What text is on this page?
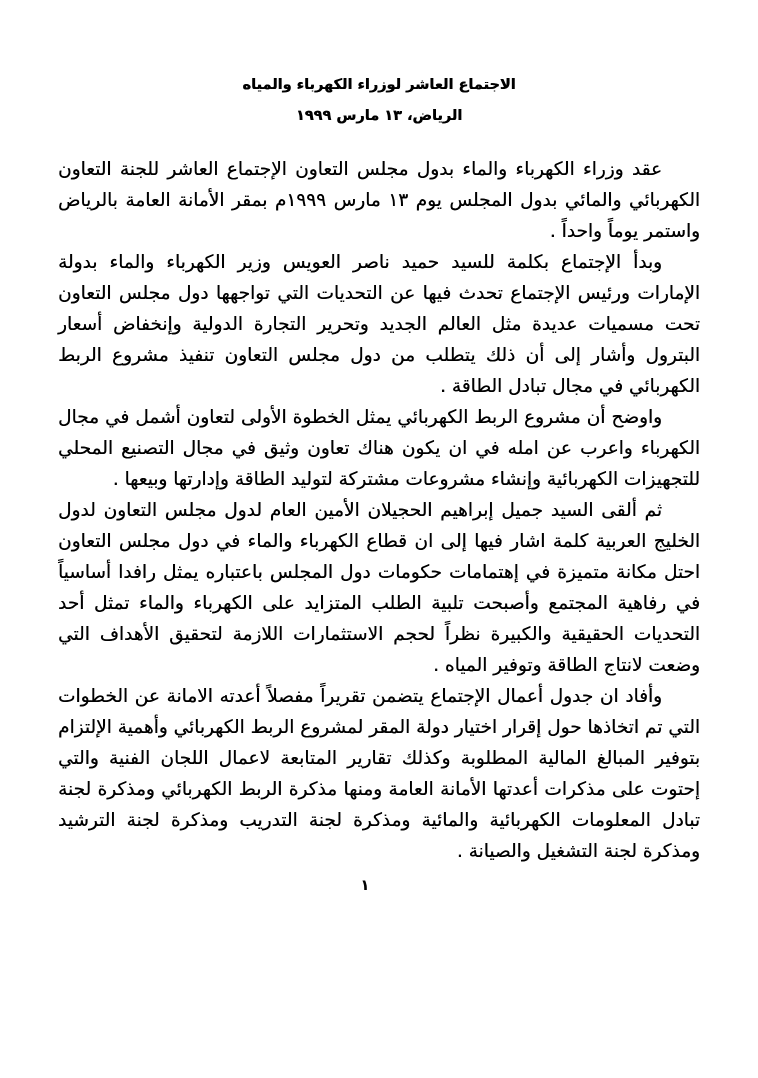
الاجتماع العاشر لوزراء الكهرباء والمياه
الرياض، ١٣ مارس ١٩٩٩

عقد وزراء الكهرباء والماء بدول مجلس التعاون الإجتماع العاشر للجنة التعاون الكهربائي والمائي بدول المجلس يوم ١٣ مارس ١٩٩٩م بمقر الأمانة العامة بالرياض واستمر يوماً واحداً .

وبدأ الإجتماع بكلمة للسيد حميد ناصر العويس وزير الكهرباء والماء بدولة الإمارات ورئيس الإجتماع تحدث فيها عن التحديات التي تواجهها دول مجلس التعاون تحت مسميات عديدة مثل العالم الجديد وتحرير التجارة الدولية وإنخفاض أسعار البترول وأشار إلى أن ذلك يتطلب من دول مجلس التعاون تنفيذ مشروع الربط الكهربائي في مجال تبادل الطاقة .

واوضح أن مشروع الربط الكهربائي يمثل الخطوة الأولى لتعاون أشمل في مجال الكهرباء واعرب عن امله في ان يكون هناك تعاون وثيق في مجال التصنيع المحلي للتجهيزات الكهربائية وإنشاء مشروعات مشتركة لتوليد الطاقة وإدارتها وبيعها .

ثم ألقى السيد جميل إبراهيم الحجيلان الأمين العام لدول مجلس التعاون لدول الخليج العربية كلمة اشار فيها إلى ان قطاع الكهرباء والماء في دول مجلس التعاون احتل مكانة متميزة في إهتمامات حكومات دول المجلس باعتباره يمثل رافدا أساسياً في رفاهية المجتمع وأصبحت تلبية الطلب المتزايد على الكهرباء والماء تمثل أحد التحديات الحقيقية والكبيرة نظراً لحجم الاستثمارات اللازمة لتحقيق الأهداف التي وضعت لانتاج الطاقة وتوفير المياه .

وأفاد ان جدول أعمال الإجتماع يتضمن تقريراً مفصلاً أعدته الامانة عن الخطوات التي تم اتخاذها حول إقرار اختيار دولة المقر لمشروع الربط الكهربائي وأهمية الإلتزام بتوفير المبالغ المالية المطلوبة وكذلك تقارير المتابعة لاعمال اللجان الفنية والتي إحتوت على مذكرات أعدتها الأمانة العامة ومنها مذكرة الربط الكهربائي ومذكرة لجنة تبادل المعلومات الكهربائية والمائية ومذكرة لجنة التدريب ومذكرة لجنة الترشيد ومذكرة لجنة التشغيل والصيانة .

١
